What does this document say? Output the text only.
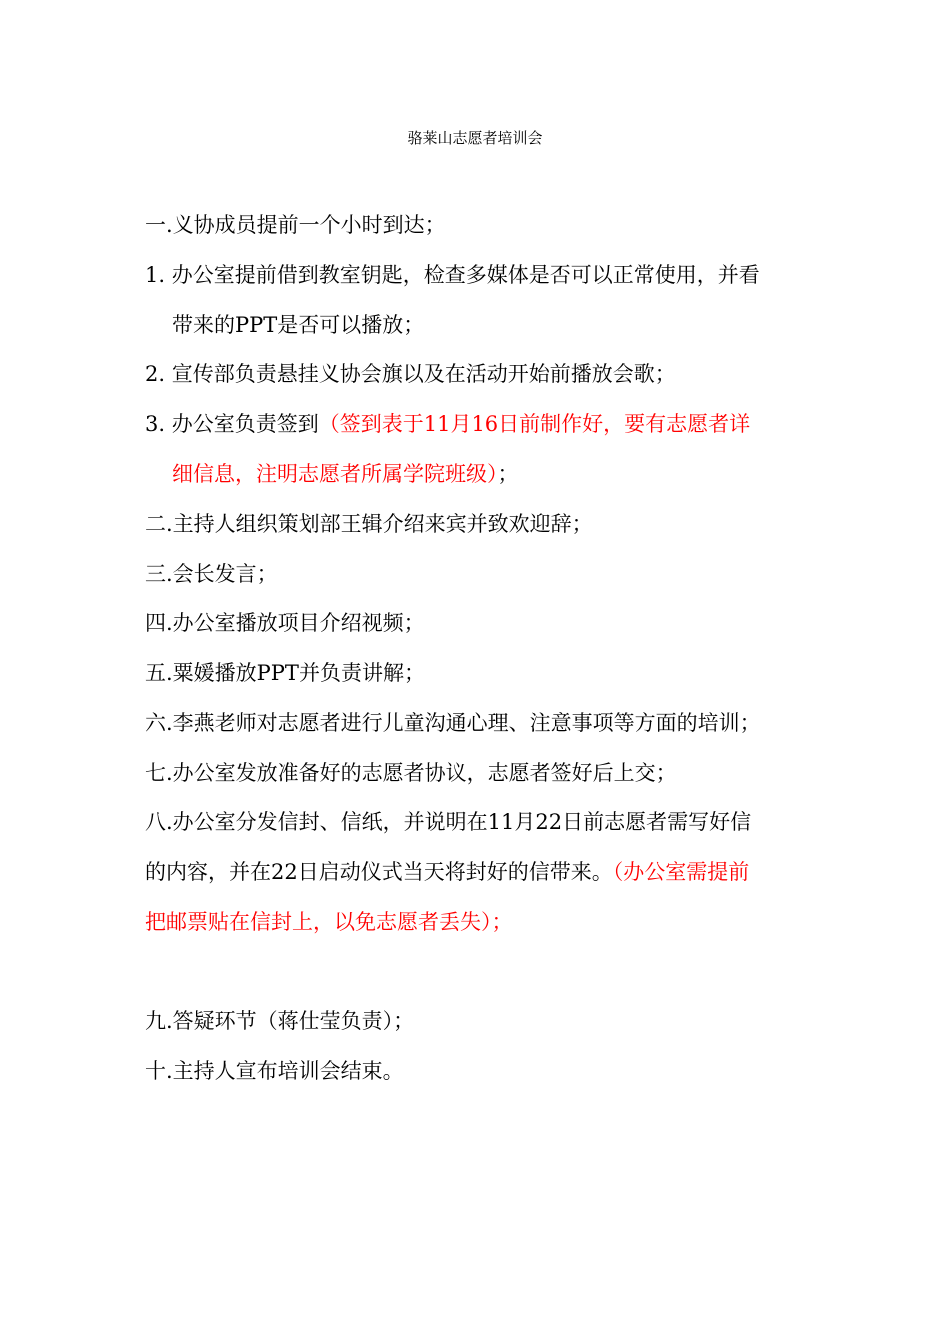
骆莱山志愿者培训会
一.义协成员提前一个小时到达；
1. 办公室提前借到教室钥匙，检查多媒体是否可以正常使用，并看
带来的PPT是否可以播放；
2. 宣传部负责悬挂义协会旗以及在活动开始前播放会歌；
3. 办公室负责签到（签到表于11月16日前制作好，要有志愿者详
细信息，注明志愿者所属学院班级）；
二.主持人组织策划部王辑介绍来宾并致欢迎辞；
三.会长发言；
四.办公室播放项目介绍视频；
五.粟媛播放PPT并负责讲解；
六.李燕老师对志愿者进行儿童沟通心理、注意事项等方面的培训；
七.办公室发放准备好的志愿者协议，志愿者签好后上交；
八.办公室分发信封、信纸，并说明在11月22日前志愿者需写好信
的内容，并在22日启动仪式当天将封好的信带来。（办公室需提前
把邮票贴在信封上，以免志愿者丢失）；
九.答疑环节（蒋仕莹负责）；
十.主持人宣布培训会结束。
